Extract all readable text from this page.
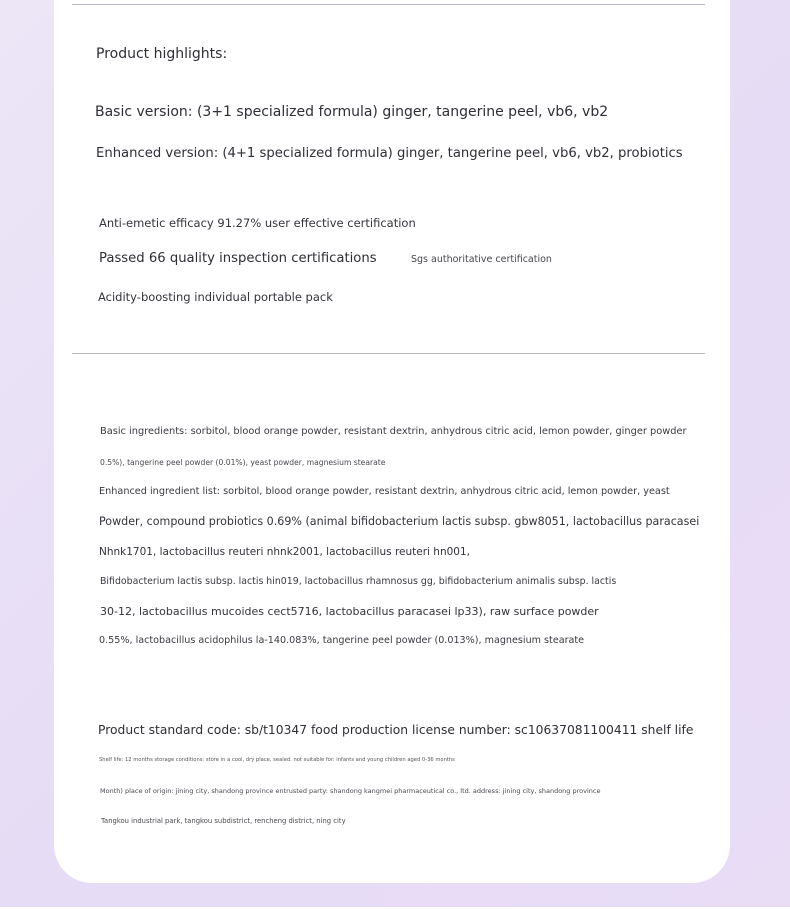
Product highlights:
Basic version: (3+1 specialized formula) ginger, tangerine peel, vb6, vb2
Enhanced version: (4+1 specialized formula) ginger, tangerine peel, vb6, vb2, probiotics
Anti-emetic efficacy 91.27% user effective certification
Passed 66 quality inspection certifications	Sgs authoritative certification
Acidity-boosting individual portable pack
Basic ingredients: sorbitol, blood orange powder, resistant dextrin, anhydrous citric acid, lemon powder, ginger powder
0.5%), tangerine peel powder (0.01%), yeast powder, magnesium stearate
Enhanced ingredient list: sorbitol, blood orange powder, resistant dextrin, anhydrous citric acid, lemon powder, yeast
Powder, compound probiotics 0.69% (animal bifidobacterium lactis subsp. gbw8051, lactobacillus paracasei
Nhnk1701, lactobacillus reuteri nhnk2001, lactobacillus reuteri hn001,
Bifidobacterium lactis subsp. lactis hin019, lactobacillus rhamnosus gg, bifidobacterium animalis subsp. lactis
30-12, lactobacillus mucoides cect5716, lactobacillus paracasei lp33), raw surface powder
0.55%, lactobacillus acidophilus la-140.083%, tangerine peel powder (0.013%), magnesium stearate
Product standard code: sb/t10347 food production license number: sc10637081100411 shelf life
Shelf life: 12 months storage conditions: store in a cool, dry place, sealed. not suitable for: infants and young children aged 0-36 months
Month) place of origin: jining city, shandong province entrusted party: shandong kangmei pharmaceutical co., ltd. address: jining city, shandong province
Tangkou industrial park, tangkou subdistrict, rencheng district, ning city
